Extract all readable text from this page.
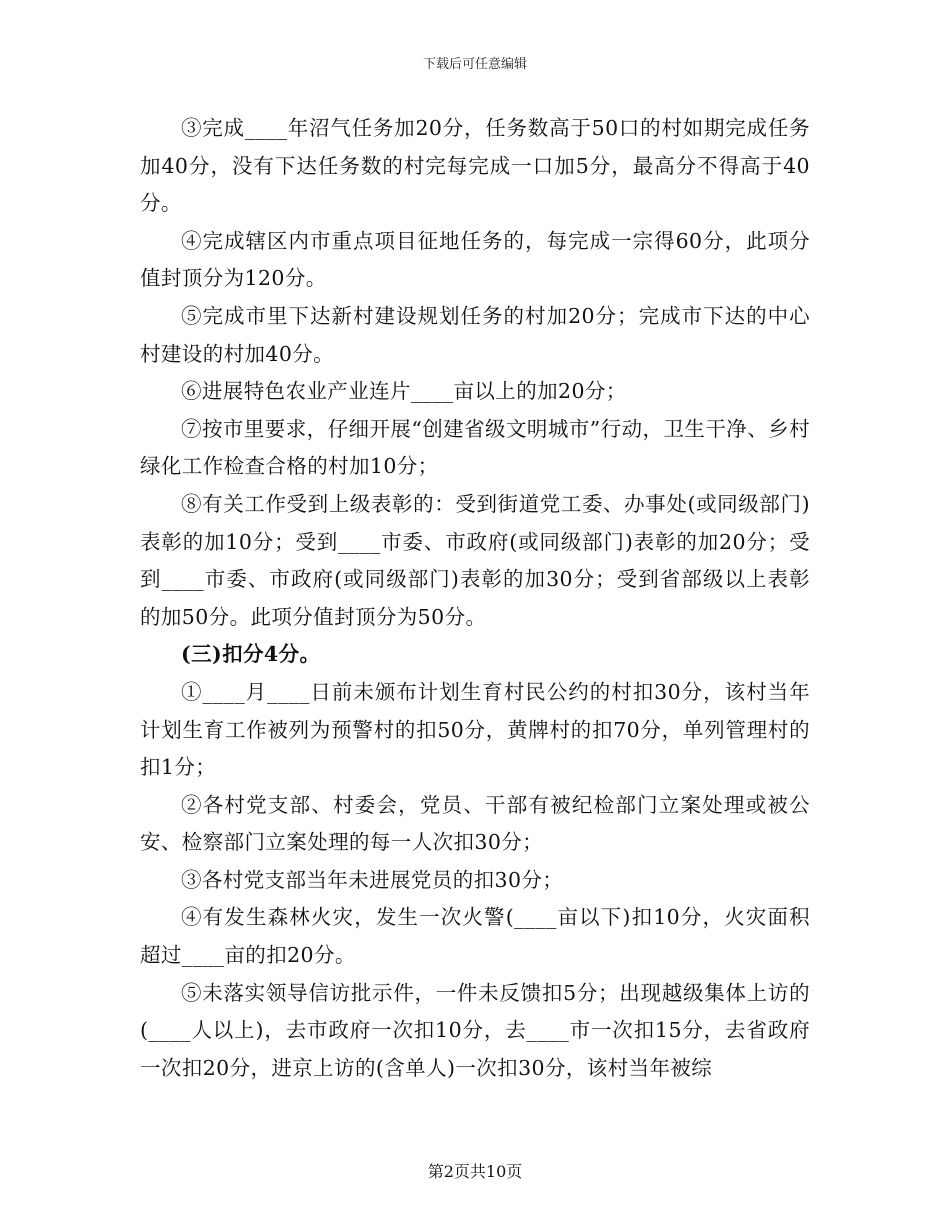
下载后可任意编辑

③完成____年沼气任务加20分，任务数高于50口的村如期完成任务加40分，没有下达任务数的村完每完成一口加5分，最高分不得高于40分。

④完成辖区内市重点项目征地任务的，每完成一宗得60分，此项分值封顶分为120分。

⑤完成市里下达新村建设规划任务的村加20分；完成市下达的中心村建设的村加40分。

⑥进展特色农业产业连片____亩以上的加20分；

⑦按市里要求，仔细开展“创建省级文明城市”行动，卫生干净、乡村绿化工作检查合格的村加10分；

⑧有关工作受到上级表彰的：受到街道党工委、办事处(或同级部门)表彰的加10分；受到____市委、市政府(或同级部门)表彰的加20分；受到____市委、市政府(或同级部门)表彰的加30分；受到省部级以上表彰的加50分。此项分值封顶分为50分。

(三)扣分4分。

①____月____日前未颁布计划生育村民公约的村扣30分，该村当年计划生育工作被列为预警村的扣50分，黄牌村的扣70分，单列管理村的扣1分；

②各村党支部、村委会，党员、干部有被纪检部门立案处理或被公安、检察部门立案处理的每一人次扣30分；

③各村党支部当年未进展党员的扣30分；

④有发生森林火灾，发生一次火警(____亩以下)扣10分，火灾面积超过____亩的扣20分。

⑤未落实领导信访批示件，一件未反馈扣5分；出现越级集体上访的(____人以上)，去市政府一次扣10分，去____市一次扣15分，去省政府一次扣20分，进京上访的(含单人)一次扣30分，该村当年被综

第2页共10页
